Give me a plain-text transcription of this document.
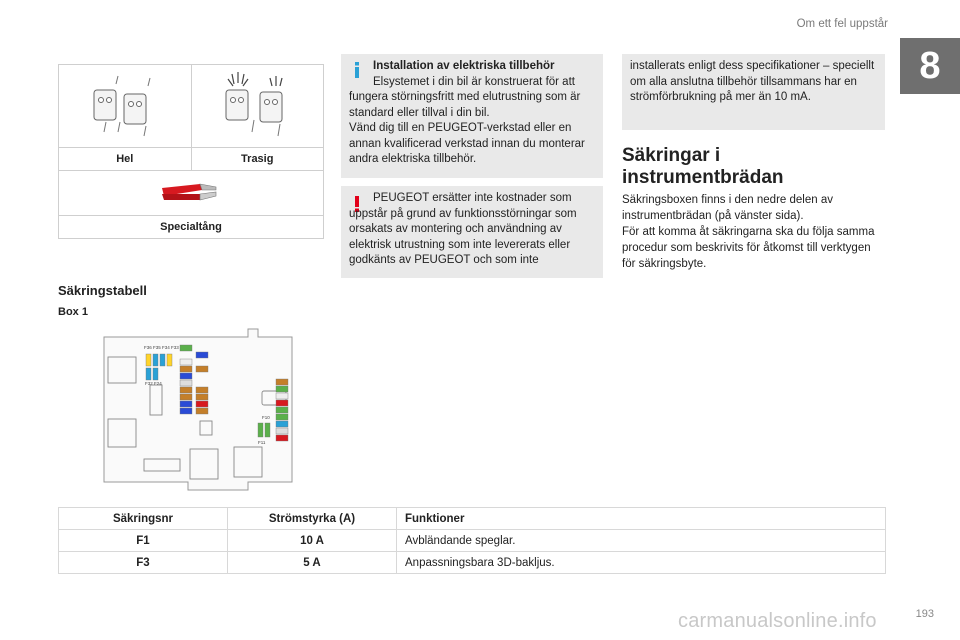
Om ett fel uppstår
8
Hel	Trasig
Specialtång
Installation av elektriska tillbehör
Elsystemet i din bil är konstruerat för att
fungera störningsfritt med elutrustning som är standard eller tillval i din bil.
Vänd dig till en PEUGEOT-verkstad eller en annan kvalificerad verkstad innan du monterar andra elektriska tillbehör.
PEUGEOT ersätter inte kostnader som uppstår på grund av funktionsstörningar som orsakats av montering och användning av elektrisk utrustning som inte levererats eller godkänts av PEUGEOT och som inte
installerats enligt dess specifikationer – speciellt om alla anslutna tillbehör tillsammans har en strömförbrukning på mer än 10 mA.
Säkringar i instrumentbrädan
Säkringsboxen finns i den nedre delen av instrumentbrädan (på vänster sida).
För att komma åt säkringarna ska du följa samma procedur som beskrivits för åtkomst till verktygen för säkringsbyte.
Säkringstabell
Box 1
F36 F35 F34 F33
F32 F24
F10
F11
Säkringsnr	Strömstyrka (A)	Funktioner
F1	10 A	Avbländande speglar.
F3	5 A	Anpassningsbara 3D-bakljus.
193
carmanualsonline.info
